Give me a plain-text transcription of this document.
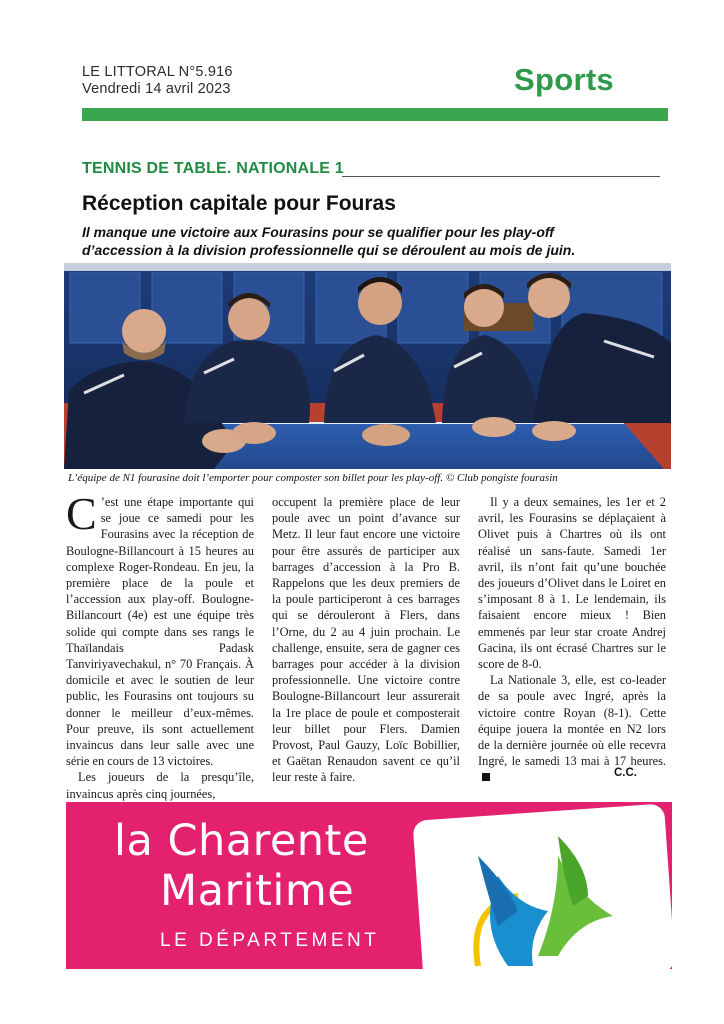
LE LITTORAL N°5.916
Vendredi 14 avril 2023	Sports
TENNIS DE TABLE. NATIONALE 1
Réception capitale pour Fouras
Il manque une victoire aux Fourasins pour se qualifier pour les play-off d’accession à la division professionnelle qui se déroulent au mois de juin.
L’équipe de N1 fourasine doit l’emporter pour composter son billet pour les play-off. © Club pongiste fourasin

C ’est une étape importante qui se joue ce samedi pour les Fourasins avec la réception de Boulogne-Billancourt à 15 heures au complexe Roger-Rondeau. En jeu, la première place de la poule et l’accession aux play-off. Boulogne-Billancourt (4e) est une équipe très solide qui compte dans ses rangs le Thaïlandais Padask Tanviriyavechakul, n° 70 Français. À domicile et avec le soutien de leur public, les Fourasins ont toujours su donner le meilleur d’eux-mêmes. Pour preuve, ils sont actuellement invaincus dans leur salle avec une série en cours de 13 victoires.

Les joueurs de la presqu’île, invaincus après cinq journées,

occupent la première place de leur poule avec un point d’avance sur Metz. Il leur faut encore une victoire pour être assurés de participer aux barrages d’accession à la Pro B. Rappelons que les deux premiers de la poule participeront à ces barrages qui se dérouleront à Flers, dans l’Orne, du 2 au 4 juin prochain. Le challenge, ensuite, sera de gagner ces barrages pour accéder à la division professionnelle. Une victoire contre Boulogne-Billancourt leur assurerait la 1re place de poule et composterait leur billet pour Flers. Damien Provost, Paul Gauzy, Loïc Bobillier, et Gaëtan Renaudon savent ce qu’il leur reste à faire.

Il y a deux semaines, les 1er et 2 avril, les Fourasins se déplaçaient à Olivet puis à Chartres où ils ont réalisé un sans-faute. Samedi 1er avril, ils n’ont fait qu’une bouchée des joueurs d’Olivet dans le Loiret en s’imposant 8 à 1. Le lendemain, ils faisaient encore mieux ! Bien emmenés par leur star croate Andrej Gacina, ils ont écrasé Chartres sur le score de 8-0.

La Nationale 3, elle, est co-leader de sa poule avec Ingré, après la victoire contre Royan (8-1). Cette équipe jouera la montée en N2 lors de la dernière journée où elle recevra Ingré, le samedi 13 mai à 17 heures.

C.C.
la Charente
Maritime
LE DÉPARTEMENT
